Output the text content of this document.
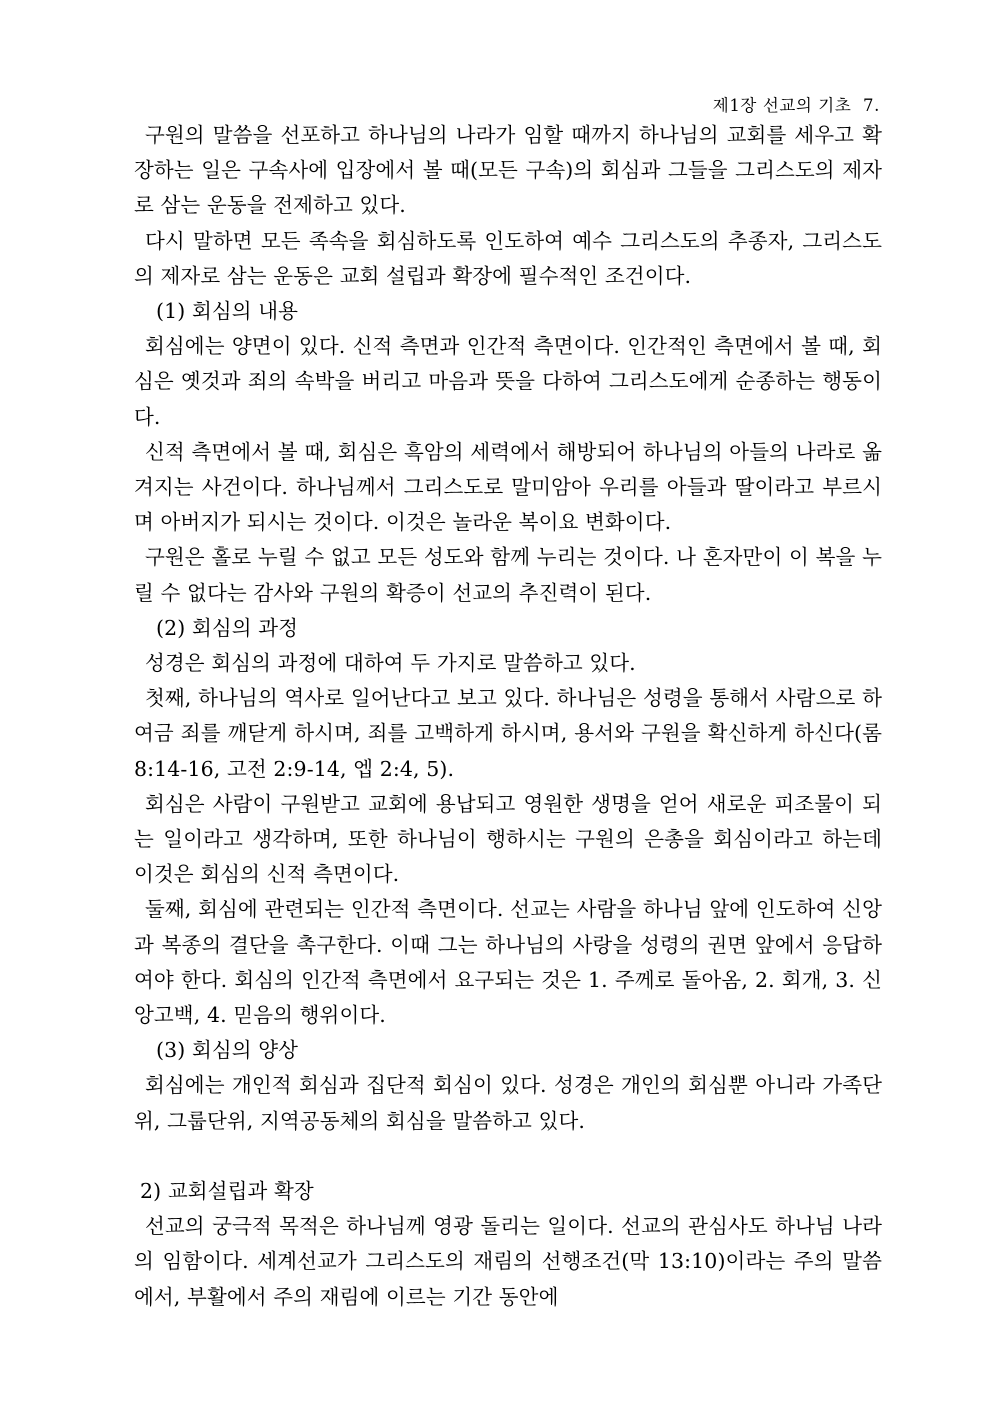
제1장 선교의 기초  7.

구원의 말씀을 선포하고 하나님의 나라가 임할 때까지 하나님의 교회를 세우고 확장하는 일은 구속사에 입장에서 볼 때(모든 구속)의 회심과 그들을 그리스도의 제자로 삼는 운동을 전제하고 있다.

다시 말하면 모든 족속을 회심하도록 인도하여 예수 그리스도의 추종자, 그리스도의 제자로 삼는 운동은 교회 설립과 확장에 필수적인 조건이다.

(1) 회심의 내용

회심에는 양면이 있다. 신적 측면과 인간적 측면이다. 인간적인 측면에서 볼 때, 회심은 옛것과 죄의 속박을 버리고 마음과 뜻을 다하여 그리스도에게 순종하는 행동이다.

신적 측면에서 볼 때, 회심은 흑암의 세력에서 해방되어 하나님의 아들의 나라로 옮겨지는 사건이다. 하나님께서 그리스도로 말미암아 우리를 아들과 딸이라고 부르시며 아버지가 되시는 것이다. 이것은 놀라운 복이요 변화이다.

구원은 홀로 누릴 수 없고 모든 성도와 함께 누리는 것이다. 나 혼자만이 이 복을 누릴 수 없다는 감사와 구원의 확증이 선교의 추진력이 된다.

(2) 회심의 과정

성경은 회심의 과정에 대하여 두 가지로 말씀하고 있다.

첫째, 하나님의 역사로 일어난다고 보고 있다. 하나님은 성령을 통해서 사람으로 하여금 죄를 깨닫게 하시며, 죄를 고백하게 하시며, 용서와 구원을 확신하게 하신다(롬 8:14-16, 고전 2:9-14, 엡 2:4, 5).

회심은 사람이 구원받고 교회에 용납되고 영원한 생명을 얻어 새로운 피조물이 되는 일이라고 생각하며, 또한 하나님이 행하시는 구원의 은총을 회심이라고 하는데 이것은 회심의 신적 측면이다.

둘째, 회심에 관련되는 인간적 측면이다. 선교는 사람을 하나님 앞에 인도하여 신앙과 복종의 결단을 촉구한다. 이때 그는 하나님의 사랑을 성령의 권면 앞에서 응답하여야 한다. 회심의 인간적 측면에서 요구되는 것은 1. 주께로 돌아옴, 2. 회개, 3. 신앙고백, 4. 믿음의 행위이다.

(3) 회심의 양상

회심에는 개인적 회심과 집단적 회심이 있다. 성경은 개인의 회심뿐 아니라 가족단위, 그룹단위, 지역공동체의 회심을 말씀하고 있다.

2) 교회설립과 확장

선교의 궁극적 목적은 하나님께 영광 돌리는 일이다. 선교의 관심사도 하나님 나라의 임함이다. 세계선교가 그리스도의 재림의 선행조건(막 13:10)이라는 주의 말씀에서, 부활에서 주의 재림에 이르는 기간 동안에
